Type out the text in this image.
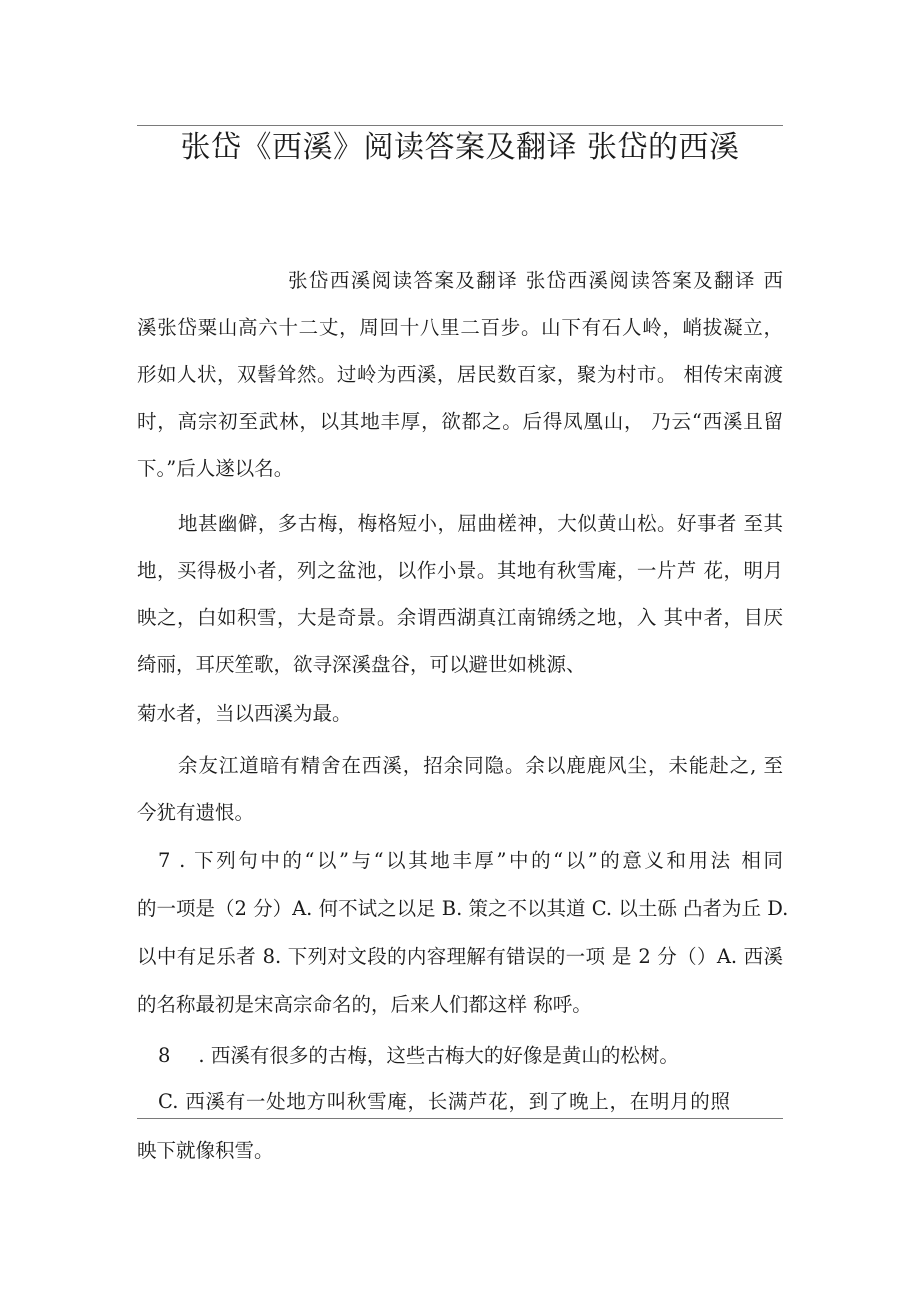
张岱《西溪》阅读答案及翻译 张岱的西溪
张岱西溪阅读答案及翻译 张岱西溪阅读答案及翻译 西
溪张岱粟山高六十二丈，周回十八里二百步。山下有石人岭，峭拔凝立，
形如人状，双髻耸然。过岭为西溪，居民数百家，聚为村市。 相传宋南渡
时，高宗初至武林，以其地丰厚，欲都之。后得凤凰山， 乃云“西溪且留
下。”后人遂以名。
地甚幽僻，多古梅，梅格短小，屈曲槎神，大似黄山松。好事者 至其
地，买得极小者，列之盆池，以作小景。其地有秋雪庵，一片芦 花，明月
映之，白如积雪，大是奇景。余谓西湖真江南锦绣之地，入 其中者，目厌
绮丽，耳厌笙歌，欲寻深溪盘谷，可以避世如桃源、
菊水者，当以西溪为最。
余友江道暗有精舍在西溪，招余同隐。余以鹿鹿风尘，未能赴之, 至
今犹有遗恨。
7 . 下列句中的“以”与“以其地丰厚”中的“以”的意义和用法 相同
的一项是（2 分）A. 何不试之以足 B. 策之不以其道 C. 以土砾 凸者为丘 D.
以中有足乐者 8. 下列对文段的内容理解有错误的一项 是 2 分（）A. 西溪
的名称最初是宋高宗命名的，后来人们都这样 称呼。
8 . 西溪有很多的古梅，这些古梅大的好像是黄山的松树。
C. 西溪有一处地方叫秋雪庵，长满芦花，到了晚上，在明月的照
映下就像积雪。
